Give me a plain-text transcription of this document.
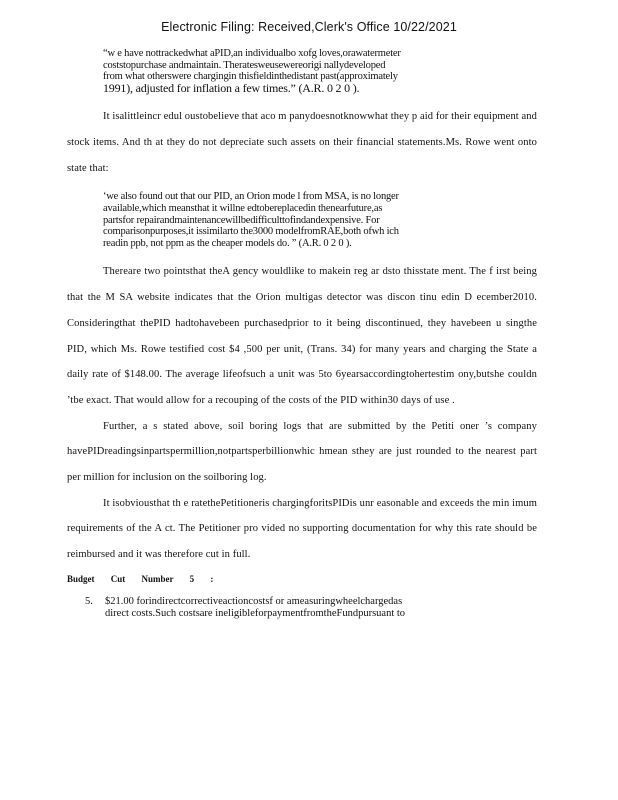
Electronic Filing: Received,Clerk's Office 10/22/2021
“w e have nottrackedwhat aPID,an individualbo xofg loves,orawatermeter
coststopurchase andmaintain. Theratesweusewereorigi nallydeveloped
from what otherswere chargingin thisfieldinthedistant past(approximately
1991), adjusted for inflation a few times.” (A.R. 0 2 0 ).

It isalittleincr edul oustobelieve that aco m panydoesnotknowwhat they p aid for their equipment and stock items. And th at they do not depreciate such assets on their financial statements.Ms. Rowe went onto state that:

‘we also found out that our PID, an Orion mode l from MSA, is no longer
available,which meansthat it willne edtobereplacedin thenearfuture,as
partsfor repairandmaintenancewillbedifficulttofindandexpensive. For
comparisonpurposes,it issimilarto the3000 modelfromRAE,both ofwh ich
readin ppb, not ppm as the cheaper models do. ” (A.R. 0 2 0 ).

Thereare two pointsthat theA gency wouldlike to makein reg ar dsto thisstate ment. The f irst being that the M SA website indicates that the Orion multigas detector was discon tinu edin D ecember2010. Consideringthat thePID hadtohavebeen purchasedprior to it being discontinued, they havebeen u singthe PID, which Ms. Rowe testified cost $4 ,500 per unit, (Trans. 34) for many years and charging the State a daily rate of $148.00. The average lifeofsuch a unit was 5to 6yearsaccordingtohertestim ony,butshe couldn ’tbe exact. That would allow for a recouping of the costs of the PID within30 days of use .

Further, a s stated above, soil boring logs that are submitted by the Petiti oner ’s company havePIDreadingsinpartspermillion,notpartsperbillionwhic hmean sthey are just rounded to the nearest part per million for inclusion on the soilboring log.

It isobviousthat th e ratethePetitioneris chargingforitsPIDis unr easonable and exceeds the min imum requirements of the A ct. The Petitioner pro vided no supporting documentation for why this rate should be reimbursed and it was therefore cut in full.

Budget Cut Number 5 :
5.	$21.00 forindirectcorrectiveactioncostsf or ameasuringwheelchargedas
direct costs.Such costsare ineligibleforpaymentfromtheFundpursuant to
